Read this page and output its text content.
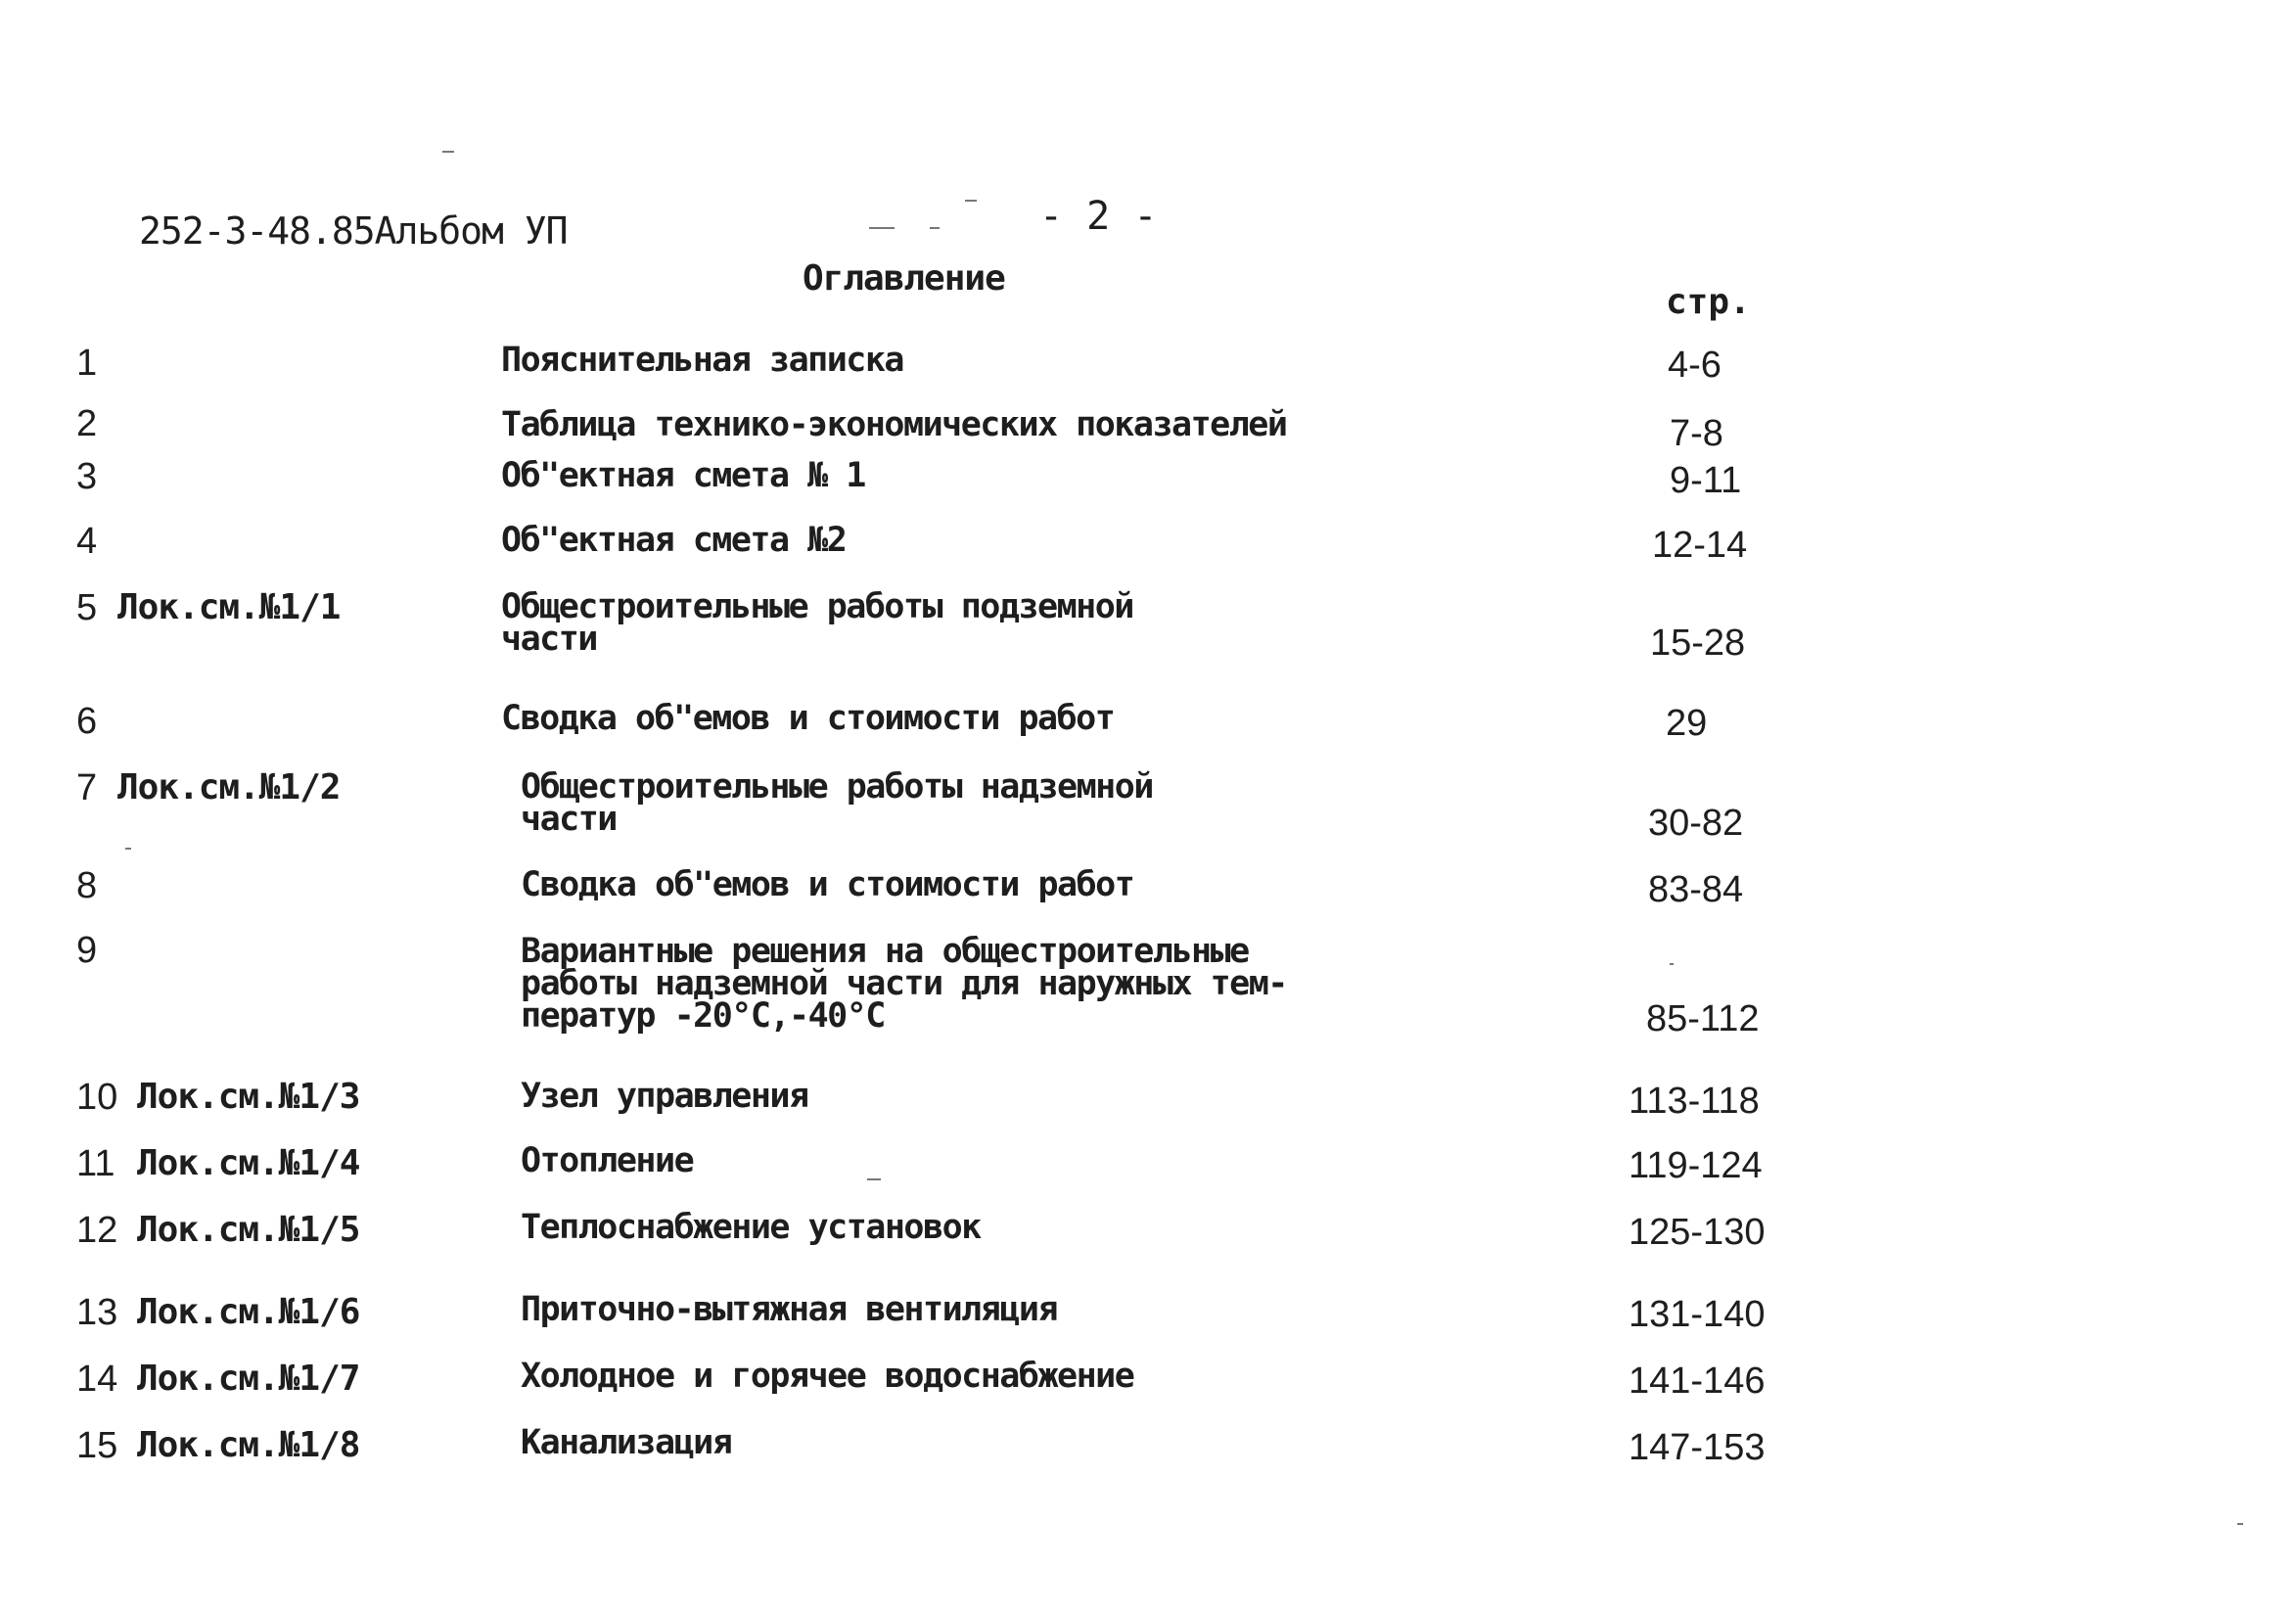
252-3-48.85Альбом УП	- 2 -
Оглавление
стр.
1	Пояснительная записка	4-6
2	Таблица технико-экономических показателей	7-8
3	Об"ектная смета № 1	9-11
4	Об"ектная смета №2	12-14
5 Лок.см.№1/1	Общестроительные работы подземной
части	15-28
6	Сводка об"емов и стоимости работ	29
7 Лок.см.№1/2	Общестроительные работы надземной
части	30-82
8	Сводка об"емов и стоимости работ	83-84
9	Вариантные решения на общестроительные
работы надземной части для наружных тем-
ператур -20°С,-40°С	85-112
10 Лок.см.№1/3	Узел управления	113-118
11 Лок.см.№1/4	Отопление	119-124
12 Лок.см.№1/5	Теплоснабжение установок	125-130
13 Лок.см.№1/6	Приточно-вытяжная вентиляция	131-140
14 Лок.см.№1/7	Холодное и горячее водоснабжение	141-146
15 Лок.см.№1/8	Канализация	147-153
